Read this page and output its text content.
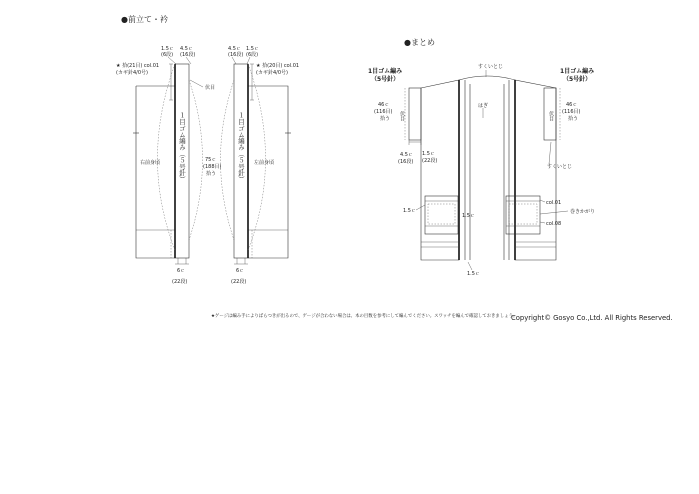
●前立て・衿
1.5ｃ
(6段)
4.5ｃ
(16段)
4.5ｃ
(16段)
1.5ｃ
(6段)
★ 拾(21目) col.01
(カギ針4/0号)
★ 拾(20目) col.01
(カギ針4/0号)
右前身頃	左前身頃
１目ゴム編み（５号針）	１目ゴム編み（５号針）
伏目
75ｃ
(188目)
拾う
6ｃ
(22段)
6ｃ
(22段)
★ゲージは編み手によりばらつきが出るので、ゲージが合わない場合は、本の目数を参考にして編んでください。スワッチを編んで確認しておきましょう。
●まとめ
すくいとじ
はぎ
伏目	伏目
1目ゴム編み
（5号針）
1目ゴム編み
（5号針）
46ｃ
(116目)
拾う
46ｃ
(116目)
拾う
1.5ｃ
(22段)
4.5ｃ
(16段)
すくいとじ
1.5ｃ
1.5ｃ
1.5ｃ
col.01
巻きかがり
col.08
Copyright© Gosyo Co.,Ltd. All Rights Reserved.
